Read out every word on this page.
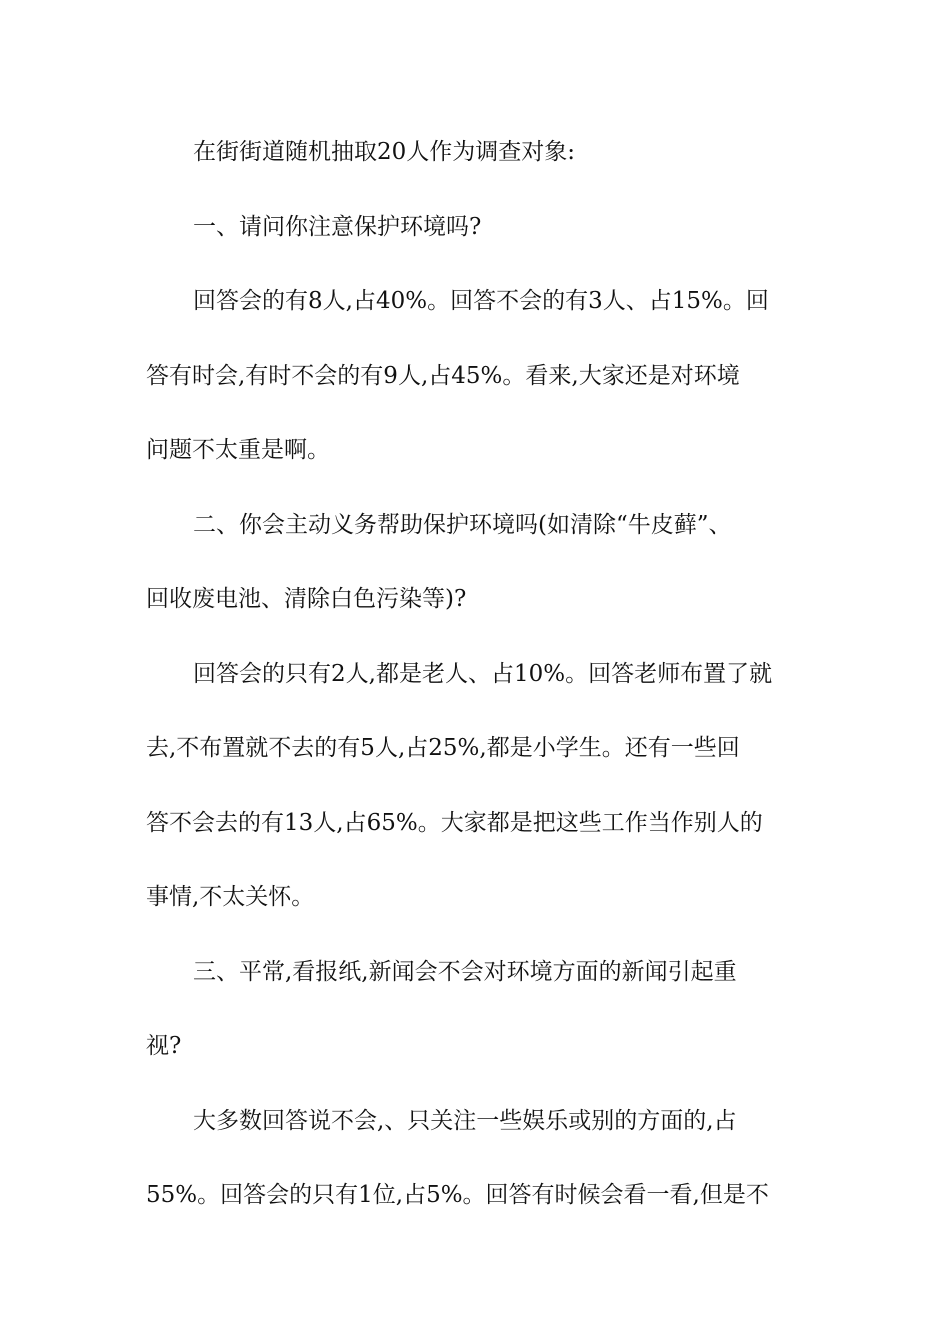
在街街道随机抽取20人作为调查对象:
一、请问你注意保护环境吗?
回答会的有8人,占40%。回答不会的有3人、占15%。回
答有时会,有时不会的有9人,占45%。看来,大家还是对环境
问题不太重是啊。
二、你会主动义务帮助保护环境吗(如清除“牛皮藓”、
回收废电池、清除白色污染等)?
回答会的只有2人,都是老人、占10%。回答老师布置了就
去,不布置就不去的有5人,占25%,都是小学生。还有一些回
答不会去的有13人,占65%。大家都是把这些工作当作别人的
事情,不太关怀。
三、平常,看报纸,新闻会不会对环境方面的新闻引起重
视?
大多数回答说不会,、只关注一些娱乐或别的方面的,占
55%。回答会的只有1位,占5%。回答有时候会看一看,但是不
